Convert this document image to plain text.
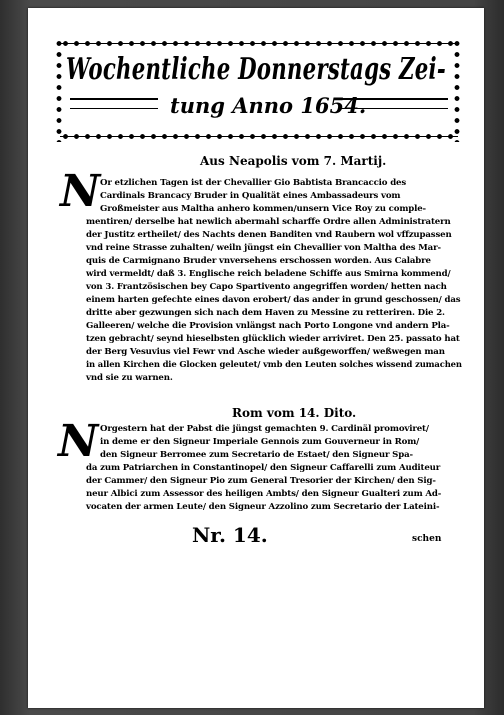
Wochentliche Donnerstags Zei-
tung Anno 1654.
Aus Neapolis vom 7. Martij.
N Or etzlichen Tagen ist der Chevallier Gio Babtista Brancaccio des
Cardinals Brancacy Bruder in Qualität eines Ambassadeurs vom
Großmeister aus Maltha anhero kommen/unsern Vice Roy zu comple-
mentiren/ derselbe hat newlich abermahl scharffe Ordre allen Administratern
der Justitz ertheilet/ des Nachts denen Banditen vnd Raubern wol vffzupassen
vnd reine Strasse zuhalten/ weiln jüngst ein Chevallier von Maltha des Mar-
quis de Carmignano Bruder vnversehens erschossen worden. Aus Calabre
wird vermeldt/ daß 3. Englische reich beladene Schiffe aus Smirna kommend/
von 3. Frantzösischen bey Capo Spartivento angegriffen worden/ hetten nach
einem harten gefechte eines davon erobert/ das ander in grund geschossen/ das
dritte aber gezwungen sich nach dem Haven zu Messine zu retteriren. Die 2.
Galleeren/ welche die Provision vnlängst nach Porto Longone vnd andern Pla-
tzen gebracht/ seynd hieselbsten glücklich wieder arriviret. Den 25. passato hat
der Berg Vesuvius viel Fewr vnd Asche wieder außgeworffen/ weßwegen man
in allen Kirchen die Glocken geleutet/ vmb den Leuten solches wissend zumachen
vnd sie zu warnen.
Rom vom 14. Dito.
N Orgestern hat der Pabst die jüngst gemachten 9. Cardinäl promoviret/
in deme er den Signeur Imperiale Gennois zum Gouverneur in Rom/
den Signeur Berromee zum Secretario de Estaet/ den Signeur Spa-
da zum Patriarchen in Constantinopel/ den Signeur Caffarelli zum Auditeur
der Cammer/ den Signeur Pio zum General Tresorier der Kirchen/ den Sig-
neur Albici zum Assessor des heiligen Ambts/ den Signeur Gualteri zum Ad-
vocaten der armen Leute/ den Signeur Azzolino zum Secretario der Lateini-
Nr. 14.	schen
